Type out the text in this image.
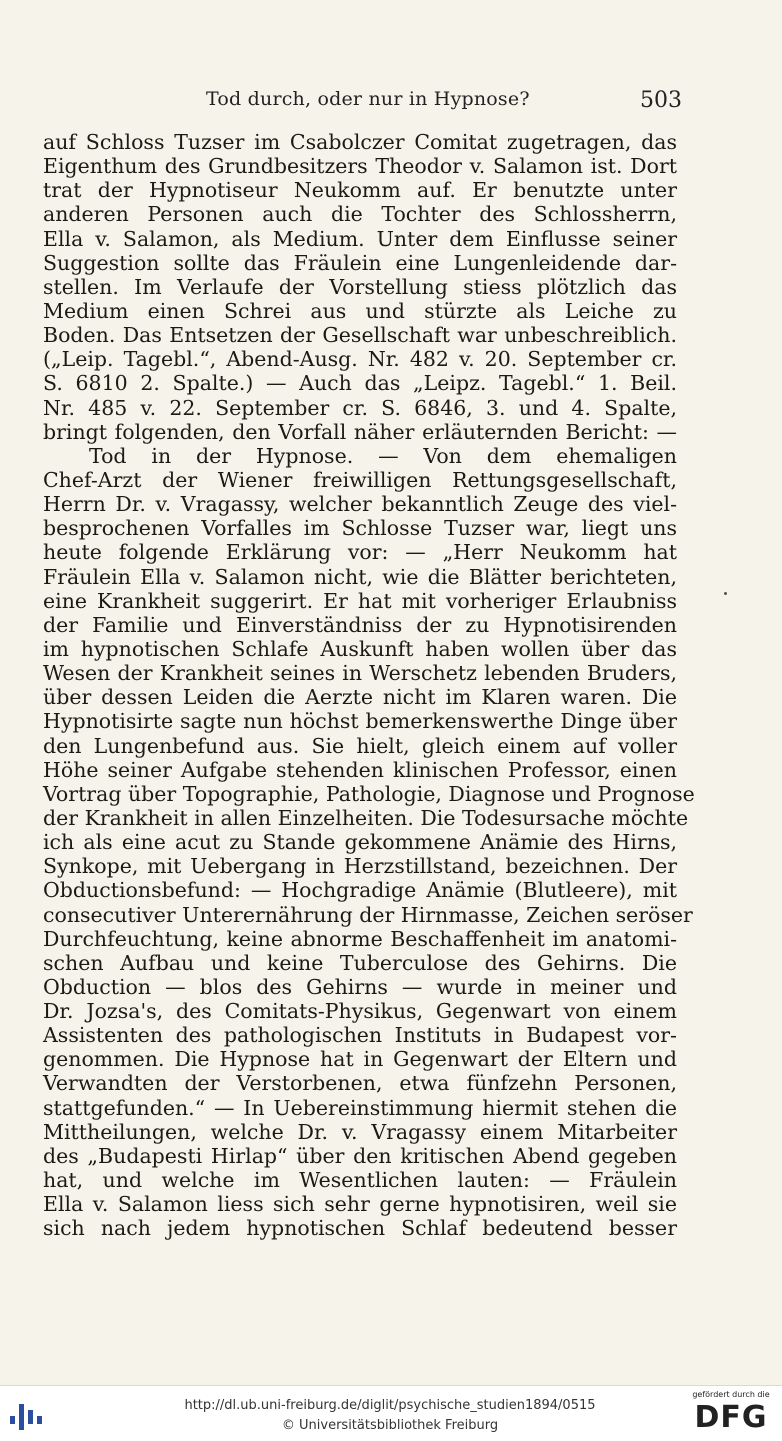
Tod durch, oder nur in Hypnose?	503
auf Schloss Tuzser im Csabolczer Comitat zugetragen, das
Eigenthum des Grundbesitzers Theodor v. Salamon ist. Dort
trat der Hypnotiseur Neukomm auf. Er benutzte unter
anderen Personen auch die Tochter des Schlossherrn,
Ella v. Salamon, als Medium. Unter dem Einflusse seiner
Suggestion sollte das Fräulein eine Lungenleidende dar-
stellen. Im Verlaufe der Vorstellung stiess plötzlich das
Medium einen Schrei aus und stürzte als Leiche zu
Boden. Das Entsetzen der Gesellschaft war unbeschreiblich.
(„Leip. Tagebl.“, Abend-Ausg. Nr. 482 v. 20. September cr.
S. 6810 2. Spalte.) — Auch das „Leipz. Tagebl.“ 1. Beil.
Nr. 485 v. 22. September cr. S. 6846, 3. und 4. Spalte,
bringt folgenden, den Vorfall näher erläuternden Bericht: —
Tod in der Hypnose. — Von dem ehemaligen
Chef-Arzt der Wiener freiwilligen Rettungsgesellschaft,
Herrn Dr. v. Vragassy, welcher bekanntlich Zeuge des viel-
besprochenen Vorfalles im Schlosse Tuzser war, liegt uns
heute folgende Erklärung vor: — „Herr Neukomm hat
Fräulein Ella v. Salamon nicht, wie die Blätter berichteten,
eine Krankheit suggerirt. Er hat mit vorheriger Erlaubniss
der Familie und Einverständniss der zu Hypnotisirenden
im hypnotischen Schlafe Auskunft haben wollen über das
Wesen der Krankheit seines in Werschetz lebenden Bruders,
über dessen Leiden die Aerzte nicht im Klaren waren. Die
Hypnotisirte sagte nun höchst bemerkenswerthe Dinge über
den Lungenbefund aus. Sie hielt, gleich einem auf voller
Höhe seiner Aufgabe stehenden klinischen Professor, einen
Vortrag über Topographie, Pathologie, Diagnose und Prognose
der Krankheit in allen Einzelheiten. Die Todesursache möchte
ich als eine acut zu Stande gekommene Anämie des Hirns,
Synkope, mit Uebergang in Herzstillstand, bezeichnen. Der
Obductionsbefund: — Hochgradige Anämie (Blutleere), mit
consecutiver Unterernährung der Hirnmasse, Zeichen seröser
Durchfeuchtung, keine abnorme Beschaffenheit im anatomi-
schen Aufbau und keine Tuberculose des Gehirns. Die
Obduction — blos des Gehirns — wurde in meiner und
Dr. Jozsa's, des Comitats-Physikus, Gegenwart von einem
Assistenten des pathologischen Instituts in Budapest vor-
genommen. Die Hypnose hat in Gegenwart der Eltern und
Verwandten der Verstorbenen, etwa fünfzehn Personen,
stattgefunden.“ — In Uebereinstimmung hiermit stehen die
Mittheilungen, welche Dr. v. Vragassy einem Mitarbeiter
des „Budapesti Hirlap“ über den kritischen Abend gegeben
hat, und welche im Wesentlichen lauten: — Fräulein
Ella v. Salamon liess sich sehr gerne hypnotisiren, weil sie
sich nach jedem hypnotischen Schlaf bedeutend besser
http://dl.ub.uni-freiburg.de/diglit/psychische_studien1894/0515
© Universitätsbibliothek Freiburg
gefördert durch die
DFG
